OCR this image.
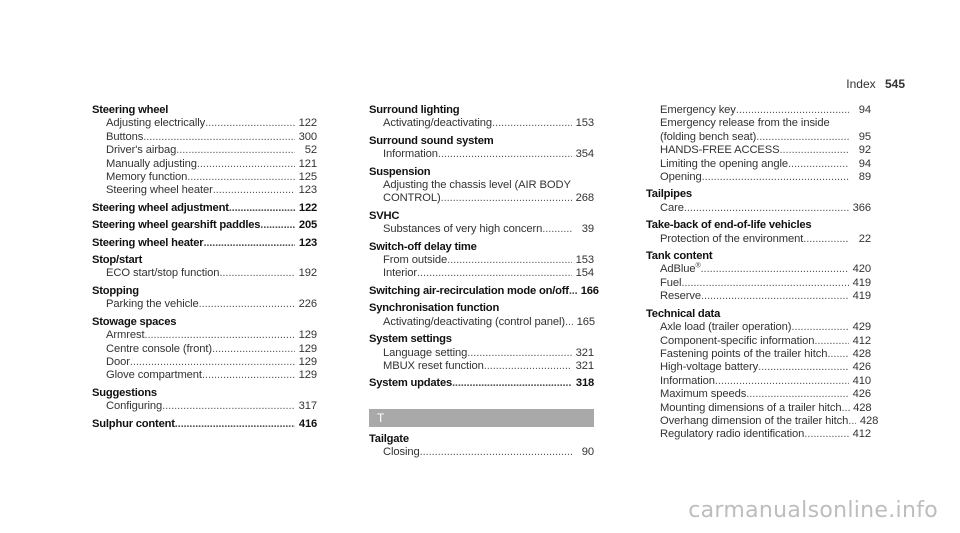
Index 545
Steering wheel
Adjusting electrically .....	122
Buttons .....	300
Driver's airbag .....	52
Manually adjusting .....	121
Memory function .....	125
Steering wheel heater .....	123
Steering wheel adjustment .....	122
Steering wheel gearshift paddles .....	205
Steering wheel heater .....	123
Stop/start
ECO start/stop function .....	192
Stopping
Parking the vehicle .....	226
Stowage spaces
Armrest .....	129
Centre console (front) .....	129
Door .....	129
Glove compartment .....	129
Suggestions
Configuring .....	317
Sulphur content .....	416
Surround lighting
Activating/deactivating .....	153
Surround sound system
Information .....	354
Suspension
Adjusting the chassis level (AIR BODY
CONTROL) .....	268
SVHC
Substances of very high concern .....	39
Switch-off delay time
From outside .....	153
Interior .....	154
Switching air-recirculation mode on/off .....	166
Synchronisation function
Activating/deactivating (control panel) .....	165
System settings
Language setting .....	321
MBUX reset function .....	321
System updates .....	318
T
Tailgate
Closing .....	90
Emergency key .....	94
Emergency release from the inside
(folding bench seat) .....	95
HANDS-FREE ACCESS .....	92
Limiting the opening angle .....	94
Opening .....	89
Tailpipes
Care .....	366
Take-back of end-of-life vehicles
Protection of the environment .....	22
Tank content
AdBlue® .....	420
Fuel .....	419
Reserve .....	419
Technical data
Axle load (trailer operation) .....	429
Component-specific information .....	412
Fastening points of the trailer hitch .....	428
High-voltage battery .....	426
Information .....	410
Maximum speeds .....	426
Mounting dimensions of a trailer hitch .....	428
Overhang dimension of the trailer hitch .....	428
Regulatory radio identification .....	412
carmanualsonline.info
